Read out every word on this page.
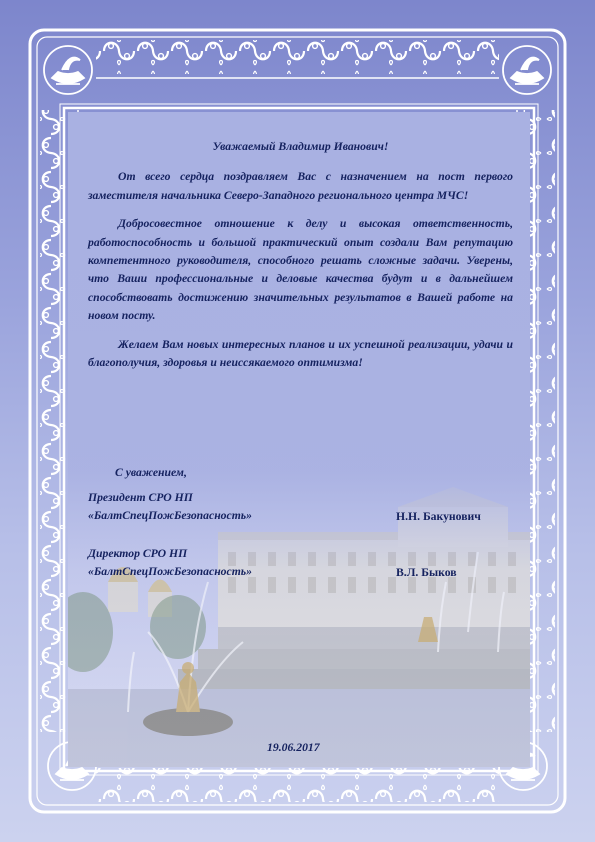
Уважаемый Владимир Иванович!

От всего сердца поздравляем Вас с назначением на пост первого заместителя начальника Северо-Западного регионального центра МЧС!

Добросовестное отношение к делу и высокая ответственность, работоспособность и большой практический опыт создали Вам репутацию компетентного руководителя, способного решать сложные задачи. Уверены, что Ваши профессиональные и деловые качества будут и в дальнейшем способствовать достижению значительных результатов в Вашей работе на новом посту.

Желаем Вам новых интересных планов и их успешной реализации, удачи и благополучия, здоровья и неиссякаемого оптимизма!

С уважением,
Президент СРО НП
«БалтСпецПожБезопасность»	Н.Н. Бакунович
Директор СРО НП
«БалтСпецПожБезопасность»	В.Л. Быков
19.06.2017
